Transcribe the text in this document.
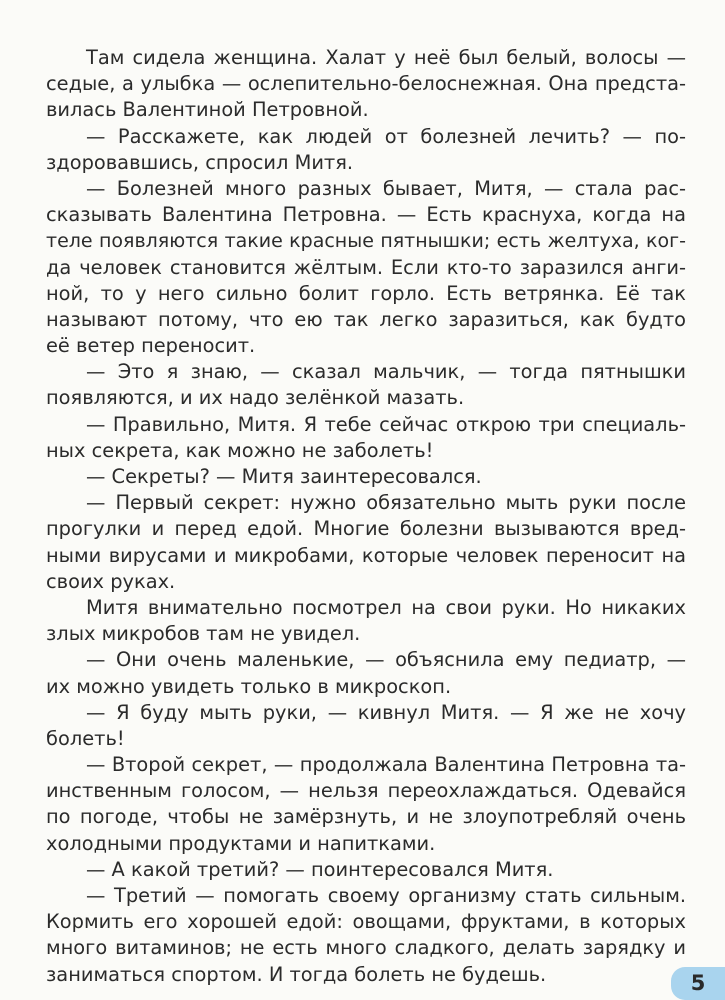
Там сидела женщина. Халат у неё был белый, волосы —
седые, а улыбка — ослепительно-белоснежная. Она предста-
вилась Валентиной Петровной.
— Расскажете, как людей от болезней лечить? — по-
здоровавшись, спросил Митя.
— Болезней много разных бывает, Митя, — стала рас-
сказывать Валентина Петровна. — Есть краснуха, когда на
теле появляются такие красные пятнышки; есть желтуха, ког-
да человек становится жёлтым. Если кто-то заразился анги-
ной, то у него сильно болит горло. Есть ветрянка. Её так
называют потому, что ею так легко заразиться, как будто
её ветер переносит.
— Это я знаю, — сказал мальчик, — тогда пятнышки
появляются, и их надо зелёнкой мазать.
— Правильно, Митя. Я тебе сейчас открою три специаль-
ных секрета, как можно не заболеть!
— Секреты? — Митя заинтересовался.
— Первый секрет: нужно обязательно мыть руки после
прогулки и перед едой. Многие болезни вызываются вред-
ными вирусами и микробами, которые человек переносит на
своих руках.
Митя внимательно посмотрел на свои руки. Но никаких
злых микробов там не увидел.
— Они очень маленькие, — объяснила ему педиатр, —
их можно увидеть только в микроскоп.
— Я буду мыть руки, — кивнул Митя. — Я же не хочу
болеть!
— Второй секрет, — продолжала Валентина Петровна та-
инственным голосом, — нельзя переохлаждаться. Одевайся
по погоде, чтобы не замёрзнуть, и не злоупотребляй очень
холодными продуктами и напитками.
— А какой третий? — поинтересовался Митя.
— Третий — помогать своему организму стать сильным.
Кормить его хорошей едой: овощами, фруктами, в которых
много витаминов; не есть много сладкого, делать зарядку и
заниматься спортом. И тогда болеть не будешь.	5
